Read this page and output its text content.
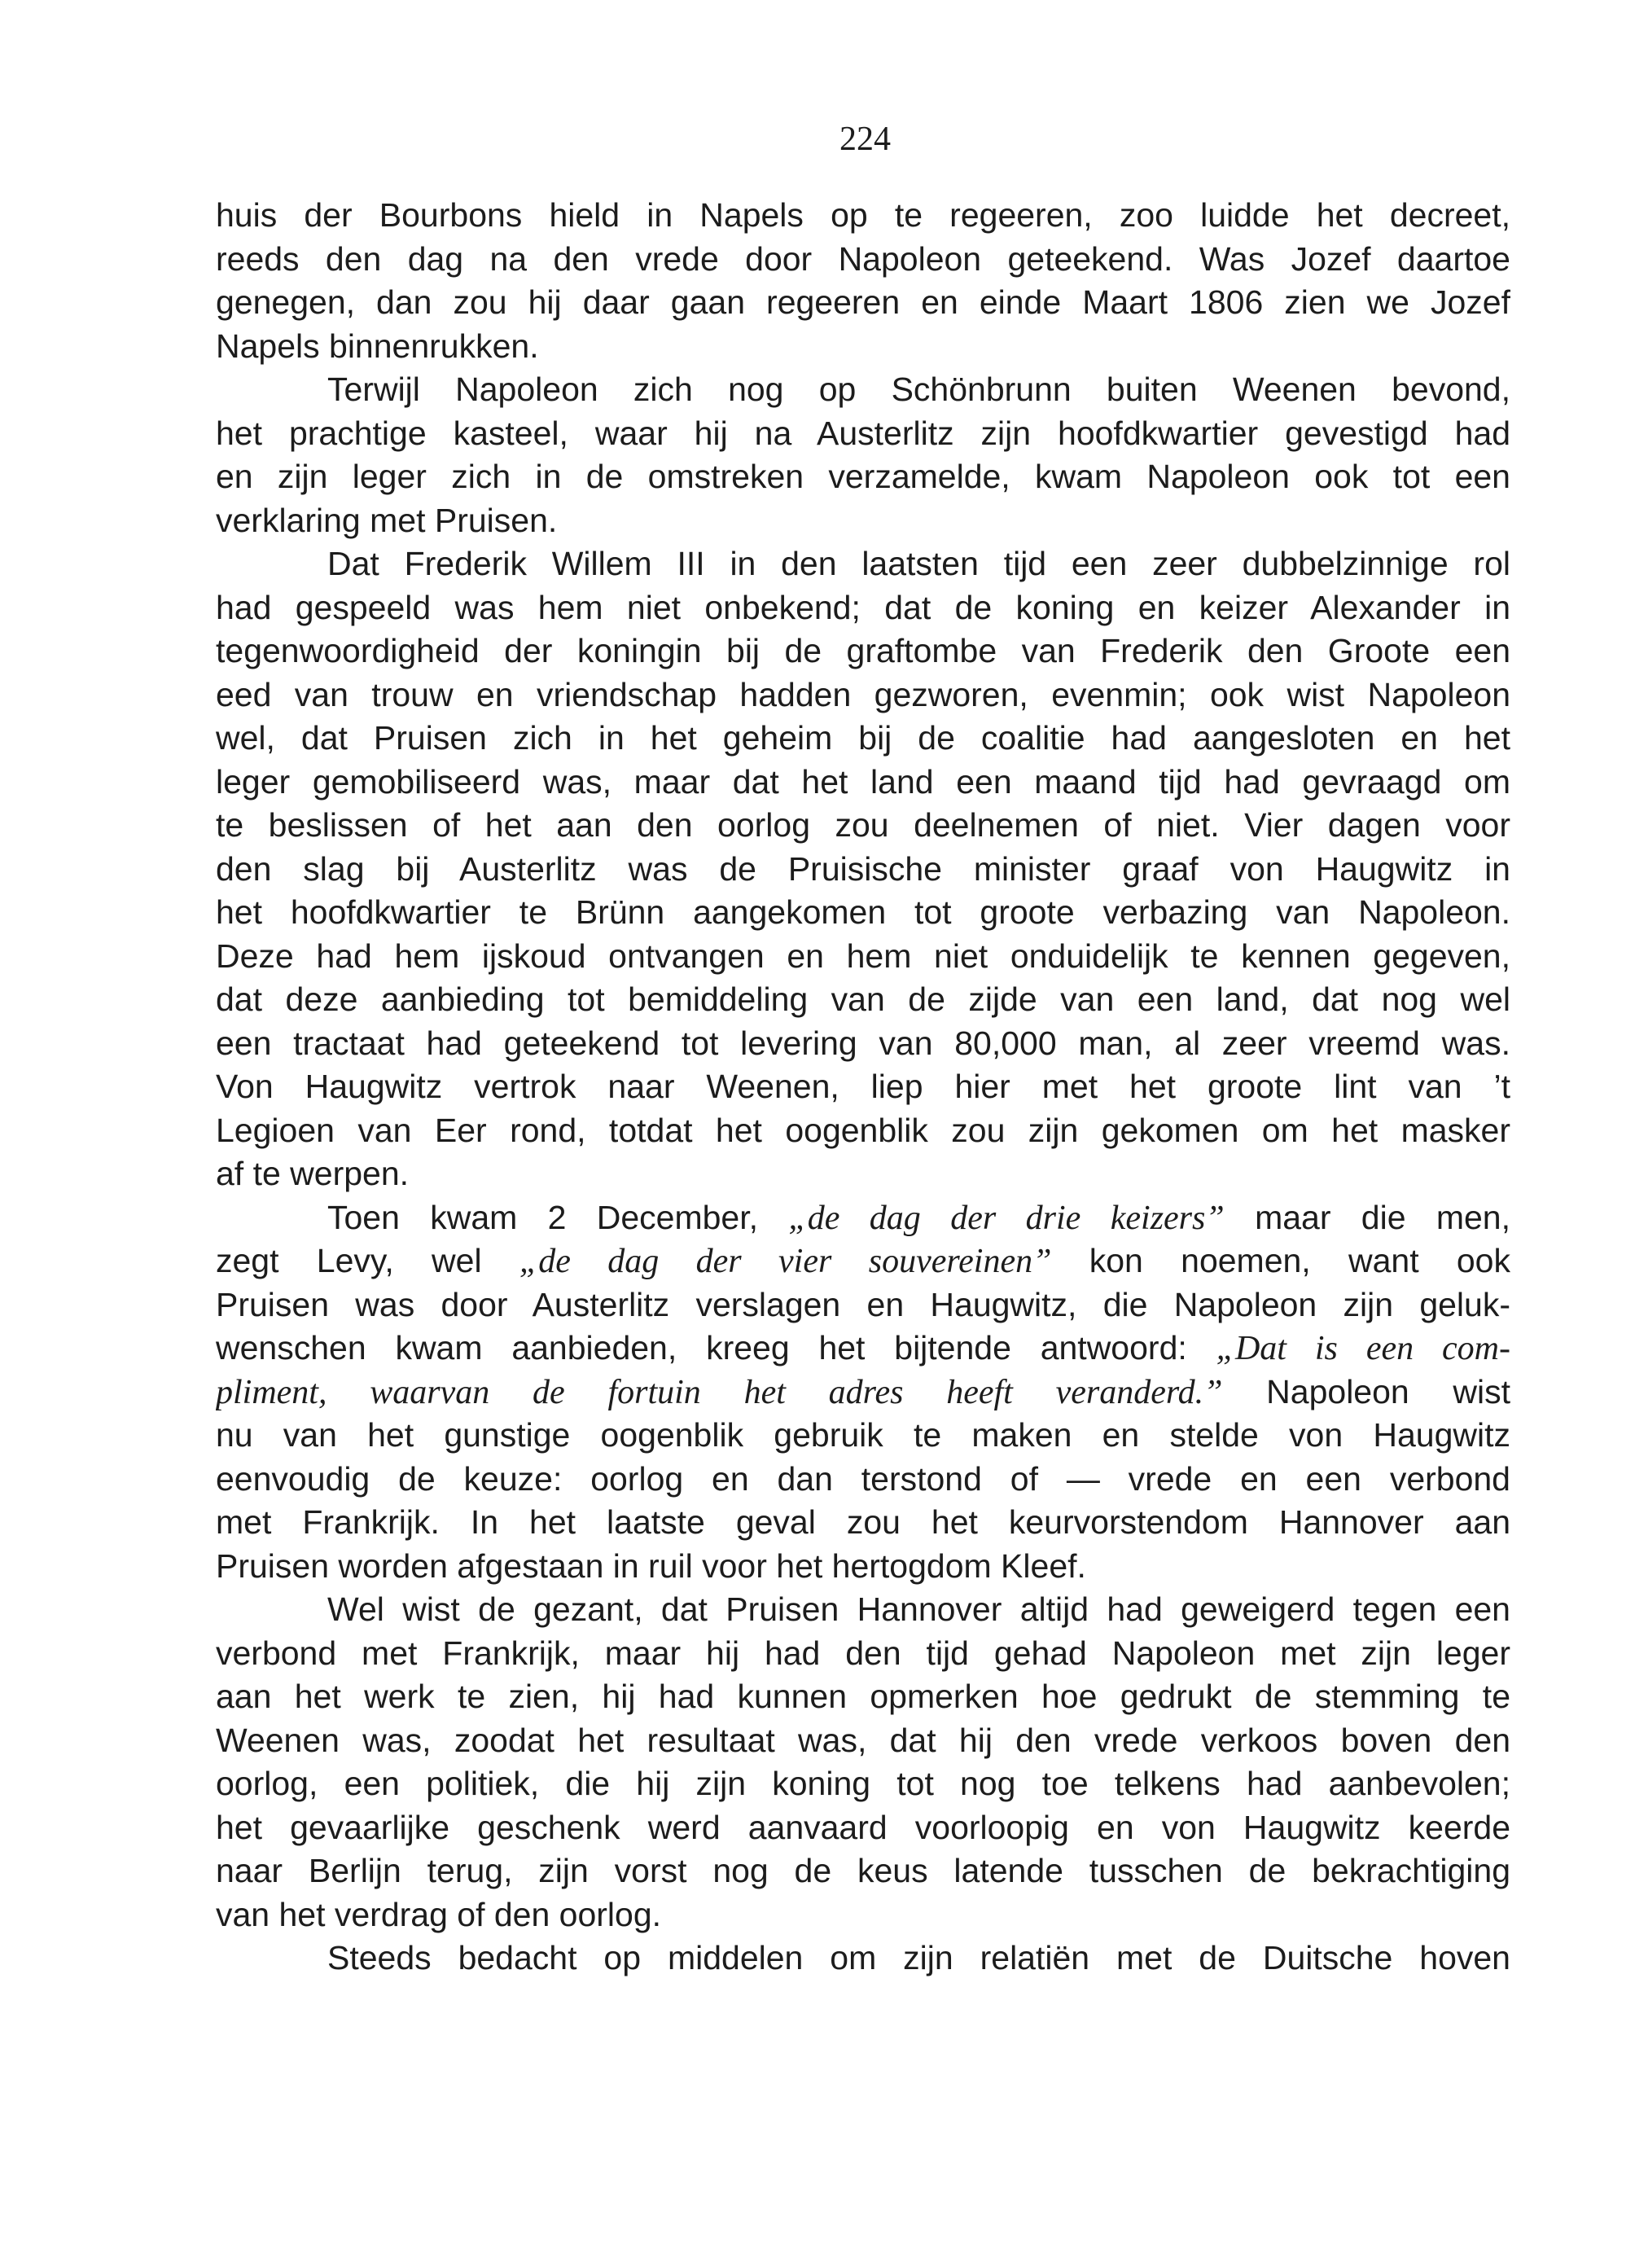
224
huis der Bourbons hield in Napels op te regeeren, zoo luidde het decreet,
reeds den dag na den vrede door Napoleon geteekend. Was Jozef daartoe
genegen, dan zou hij daar gaan regeeren en einde Maart 1806 zien we Jozef
Napels binnenrukken.
Terwijl Napoleon zich nog op Schönbrunn buiten Weenen bevond,
het prachtige kasteel, waar hij na Austerlitz zijn hoofdkwartier gevestigd had
en zijn leger zich in de omstreken verzamelde, kwam Napoleon ook tot een
verklaring met Pruisen.
Dat Frederik Willem III in den laatsten tijd een zeer dubbelzinnige rol
had gespeeld was hem niet onbekend; dat de koning en keizer Alexander in
tegenwoordigheid der koningin bij de graftombe van Frederik den Groote een
eed van trouw en vriendschap hadden gezworen, evenmin; ook wist Napoleon
wel, dat Pruisen zich in het geheim bij de coalitie had aangesloten en het
leger gemobiliseerd was, maar dat het land een maand tijd had gevraagd om
te beslissen of het aan den oorlog zou deelnemen of niet. Vier dagen voor
den slag bij Austerlitz was de Pruisische minister graaf von Haugwitz in
het hoofdkwartier te Brünn aangekomen tot groote verbazing van Napoleon.
Deze had hem ijskoud ontvangen en hem niet onduidelijk te kennen gegeven,
dat deze aanbieding tot bemiddeling van de zijde van een land, dat nog wel
een tractaat had geteekend tot levering van 80,000 man, al zeer vreemd was.
Von Haugwitz vertrok naar Weenen, liep hier met het groote lint van ’t
Legioen van Eer rond, totdat het oogenblik zou zijn gekomen om het masker
af te werpen.
Toen kwam 2 December, „de dag der drie keizers” maar die men,
zegt Levy, wel „de dag der vier souvereinen” kon noemen, want ook
Pruisen was door Austerlitz verslagen en Haugwitz, die Napoleon zijn geluk-
wenschen kwam aanbieden, kreeg het bijtende antwoord: „Dat is een com-
pliment, waarvan de fortuin het adres heeft veranderd.” Napoleon wist
nu van het gunstige oogenblik gebruik te maken en stelde von Haugwitz
eenvoudig de keuze: oorlog en dan terstond of — vrede en een verbond
met Frankrijk. In het laatste geval zou het keurvorstendom Hannover aan
Pruisen worden afgestaan in ruil voor het hertogdom Kleef.
Wel wist de gezant, dat Pruisen Hannover altijd had geweigerd tegen een
verbond met Frankrijk, maar hij had den tijd gehad Napoleon met zijn leger
aan het werk te zien, hij had kunnen opmerken hoe gedrukt de stemming te
Weenen was, zoodat het resultaat was, dat hij den vrede verkoos boven den
oorlog, een politiek, die hij zijn koning tot nog toe telkens had aanbevolen;
het gevaarlijke geschenk werd aanvaard voorloopig en von Haugwitz keerde
naar Berlijn terug, zijn vorst nog de keus latende tusschen de bekrachtiging
van het verdrag of den oorlog.
Steeds bedacht op middelen om zijn relatiën met de Duitsche hoven
